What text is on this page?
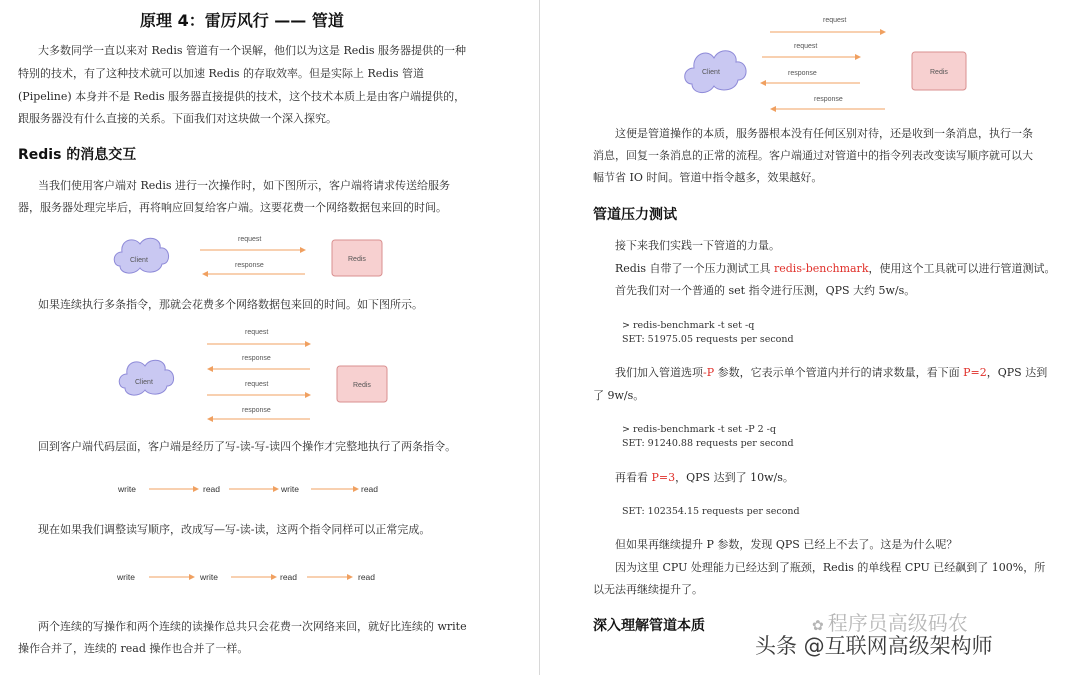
原理 4：雷厉风行 —— 管道
大多数同学一直以来对 Redis 管道有一个误解，他们以为这是 Redis 服务器提供的一种
特别的技术，有了这种技术就可以加速 Redis 的存取效率。但是实际上 Redis 管道
(Pipeline) 本身并不是 Redis 服务器直接提供的技术，这个技术本质上是由客户端提供的，
跟服务器没有什么直接的关系。下面我们对这块做一个深入探究。
Redis 的消息交互
当我们使用客户端对 Redis 进行一次操作时，如下图所示，客户端将请求传送给服务
器，服务器处理完毕后，再将响应回复给客户端。这要花费一个网络数据包来回的时间。
Client
request
response
Redis
如果连续执行多条指令，那就会花费多个网络数据包来回的时间。如下图所示。
Client
request
response
request
response
Redis
回到客户端代码层面，客户端是经历了写-读-写-读四个操作才完整地执行了两条指令。
write	read	write	read
现在如果我们调整读写顺序，改成写—写-读-读，这两个指令同样可以正常完成。
write	write	read	read
两个连续的写操作和两个连续的读操作总共只会花费一次网络来回，就好比连续的 write
操作合并了，连续的 read 操作也合并了一样。
Client
request
request
response
response
Redis
这便是管道操作的本质，服务器根本没有任何区别对待，还是收到一条消息，执行一条
消息，回复一条消息的正常的流程。客户端通过对管道中的指令列表改变读写顺序就可以大
幅节省 IO 时间。管道中指令越多，效果越好。
管道压力测试
接下来我们实践一下管道的力量。
Redis 自带了一个压力测试工具 redis-benchmark，使用这个工具就可以进行管道测试。
首先我们对一个普通的 set 指令进行压测，QPS 大约 5w/s。
> redis-benchmark -t set -q
SET: 51975.05 requests per second
我们加入管道选项-P 参数，它表示单个管道内并行的请求数量，看下面 P=2，QPS 达到
了 9w/s。
> redis-benchmark -t set -P 2 -q
SET: 91240.88 requests per second
再看看 P=3，QPS 达到了 10w/s。
SET: 102354.15 requests per second
但如果再继续提升 P 参数，发现 QPS 已经上不去了。这是为什么呢？
因为这里 CPU 处理能力已经达到了瓶颈，Redis 的单线程 CPU 已经飙到了 100%，所
以无法再继续提升了。
深入理解管道本质	✿ 程序员高级码农
头条 @互联网高级架构师
